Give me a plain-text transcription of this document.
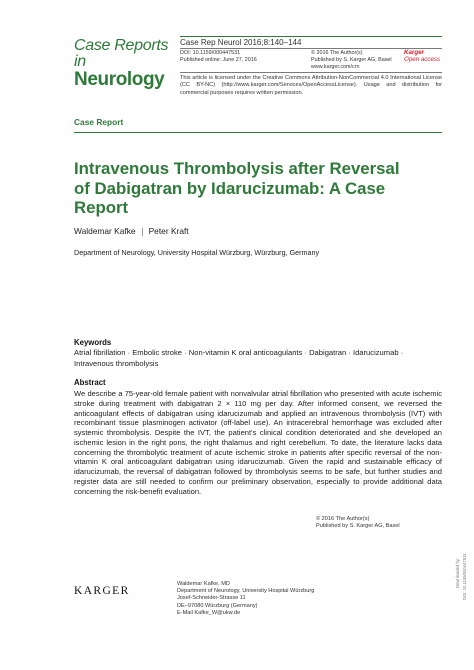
Case Reports in
Neurology
Case Rep Neurol 2016;8:140–144
DOI: 10.1159/000447531
Published online: June 27, 2016
© 2016 The Author(s)
Published by S. Karger AG, Basel
www.karger.com/crn
Karger
Open access
This article is licensed under the Creative Commons Attribution-NonCommercial 4.0 International License (CC BY-NC) (http://www.karger.com/Services/OpenAccessLicense). Usage and distribution for commercial purposes requires written permission.
Case Report
Intravenous Thrombolysis after Reversal of Dabigatran by Idarucizumab: A Case Report
Waldemar Kafke Peter Kraft
Department of Neurology, University Hospital Würzburg, Würzburg, Germany
Keywords
Atrial fibrillation · Embolic stroke · Non-vitamin K oral anticoagulants · Dabigatran · Idarucizumab · Intravenous thrombolysis
Abstract
We describe a 75-year-old female patient with nonvalvular atrial fibrillation who presented with acute ischemic stroke during treatment with dabigatran 2 × 110 mg per day. After informed consent, we reversed the anticoagulant effects of dabigatran using idarucizumab and applied an intravenous thrombolysis (IVT) with recombinant tissue plasminogen activator (off-label use). An intracerebral hemorrhage was excluded after systemic thrombolysis. Despite the IVT, the patient's clinical condition deteriorated and she developed an ischemic lesion in the right pons, the right thalamus and right cerebellum. To date, the literature lacks data concerning the thrombolytic treatment of acute ischemic stroke in patients after specific reversal of the non-vitamin K oral anticoagulant dabigatran using idarucizumab. Given the rapid and sustainable efficacy of idarucizumab, the reversal of dabigatran followed by thrombolysis seems to be safe, but further studies and register data are still needed to confirm our preliminary observation, especially to provide additional data concerning the risk-benefit evaluation.
© 2016 The Author(s)
Published by S. Karger AG, Basel
KARGER
Waldemar Kafke, MD
Department of Neurology, University Hospital Würzburg
Josef-Schneider-Strasse 11
DE–97080 Würzburg (Germany)
E-Mail Kafke_W@ukw.de
Downloaded by: DOI: 10.1159/000447531
